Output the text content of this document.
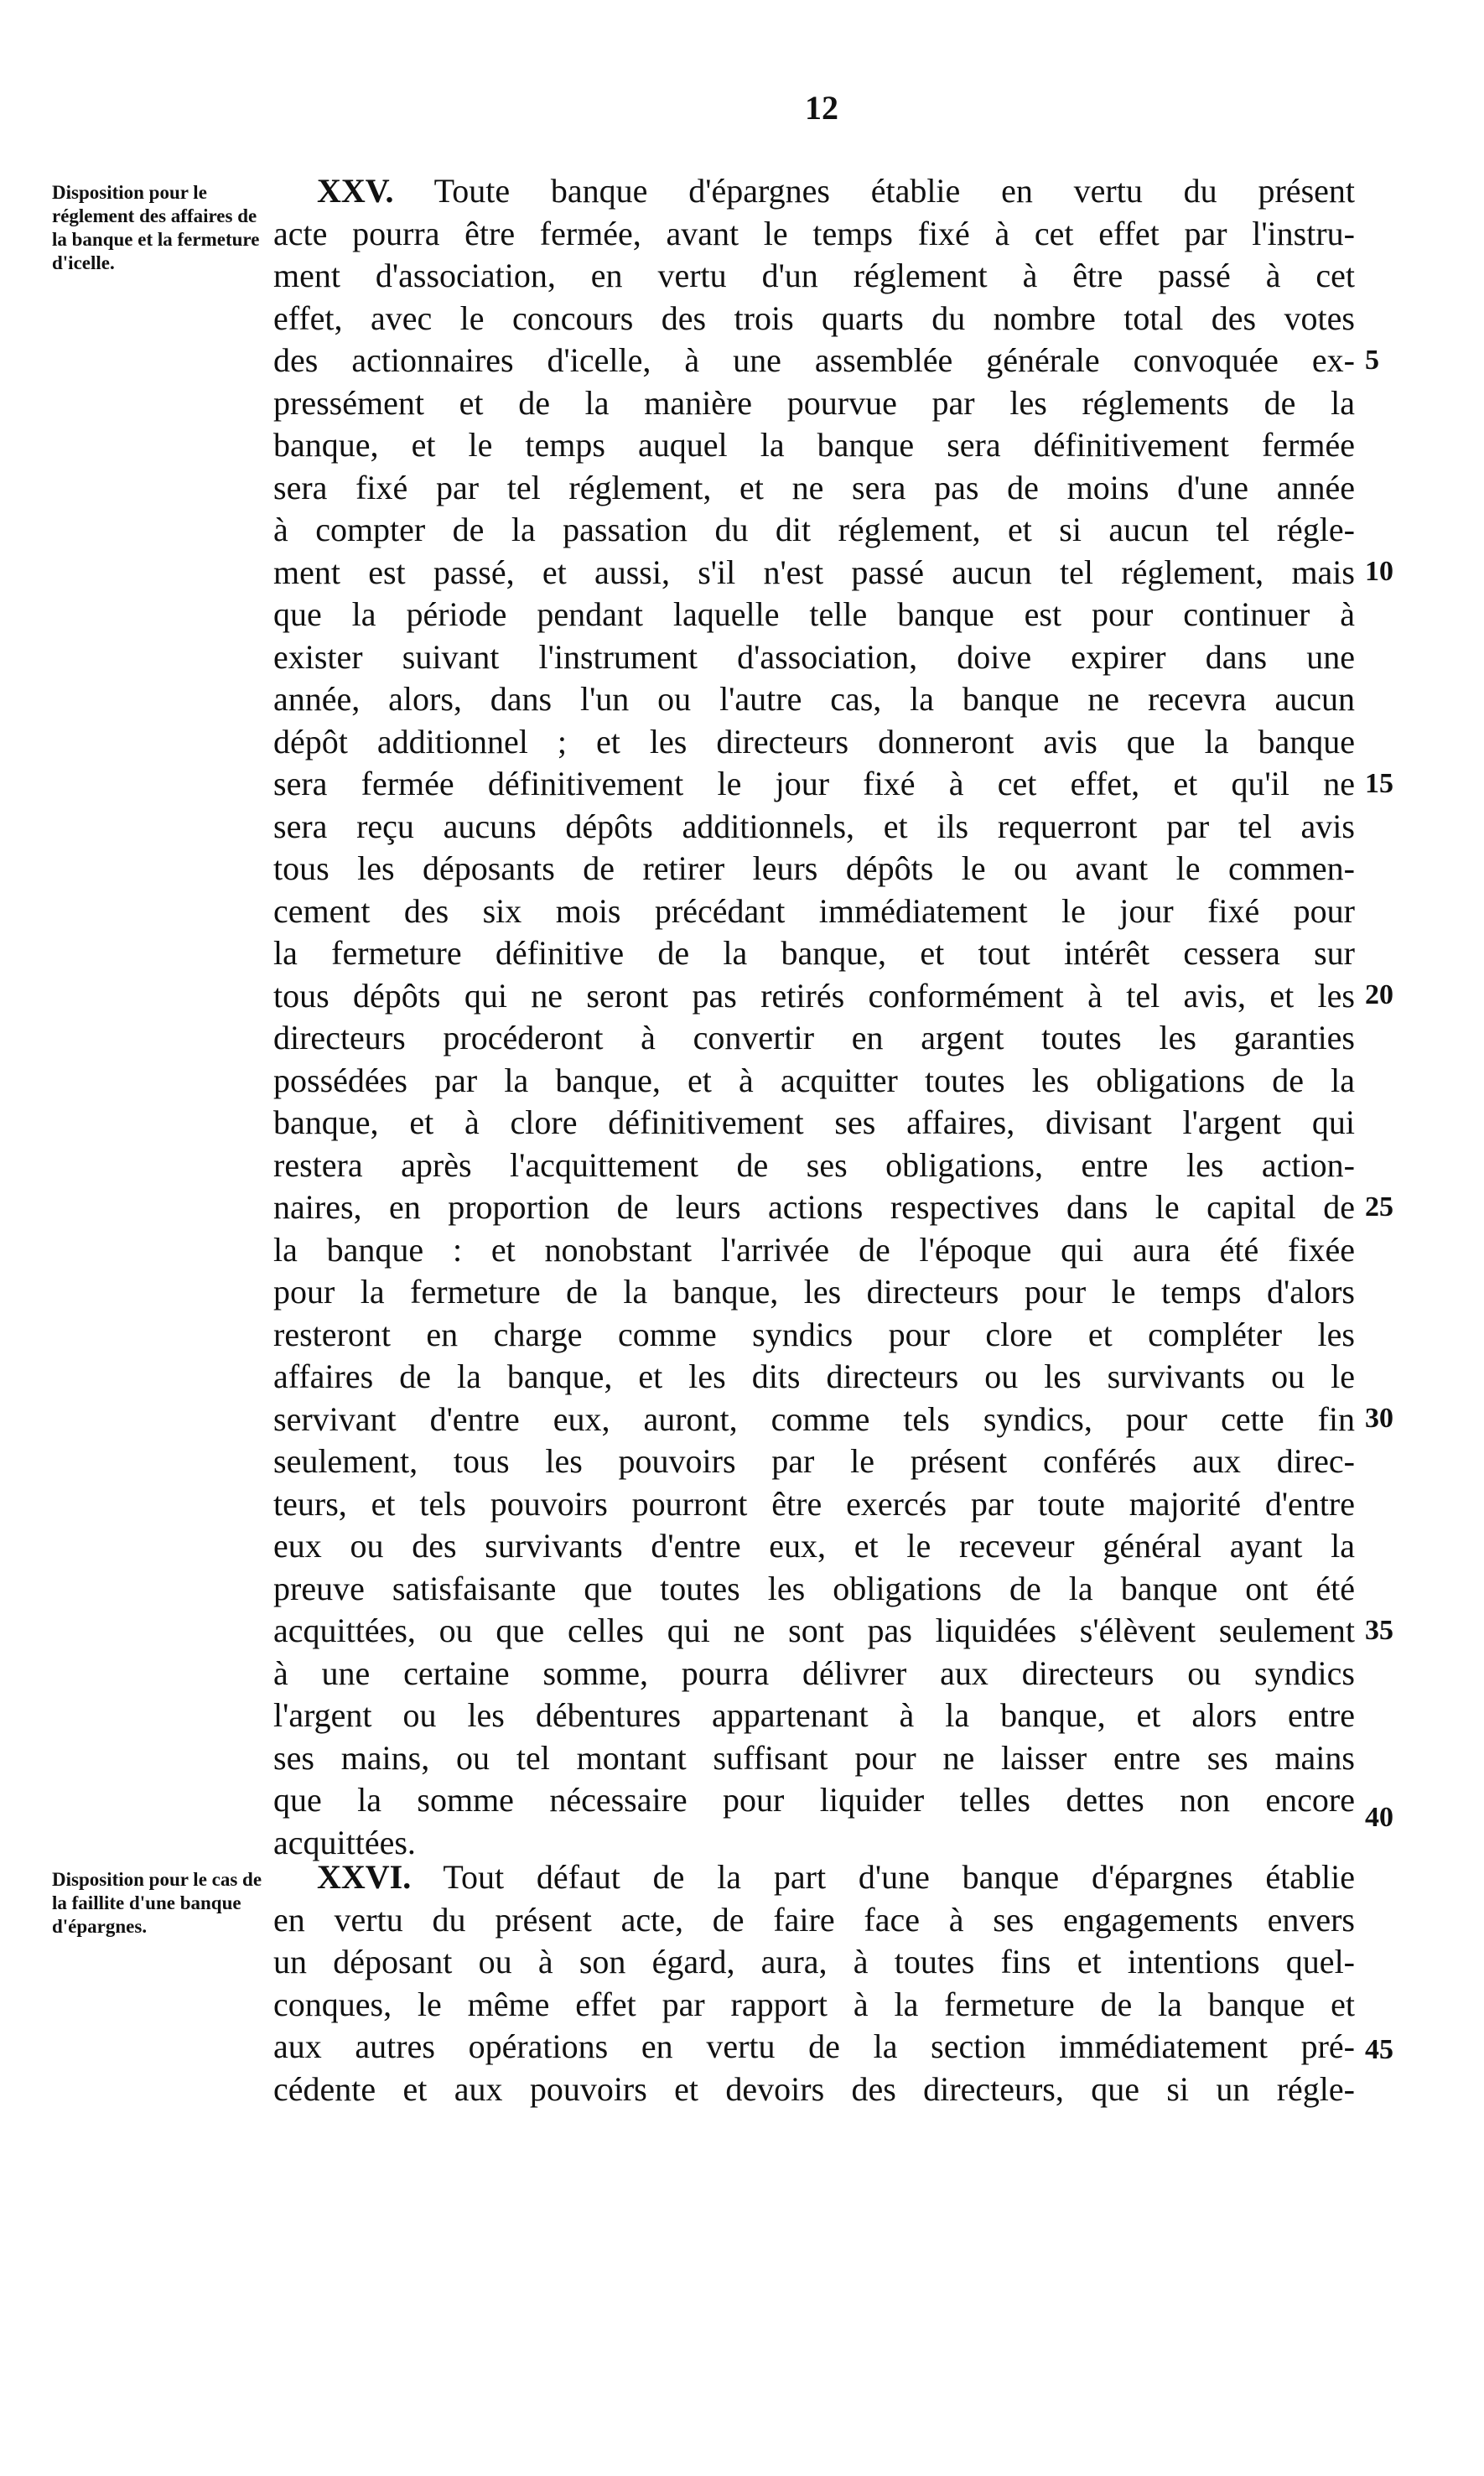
12
Disposition pour le réglement des affaires de la banque et la fermeture d'icelle.
XXV. Toute banque d'épargnes établie en vertu du présent
acte pourra être fermée, avant le temps fixé à cet effet par l'instru-
ment d'association, en vertu d'un réglement à être passé à cet
effet, avec le concours des trois quarts du nombre total des votes
des actionnaires d'icelle, à une assemblée générale convoquée ex-
pressément et de la manière pourvue par les réglements de la
banque, et le temps auquel la banque sera définitivement fermée
sera fixé par tel réglement, et ne sera pas de moins d'une année
à compter de la passation du dit réglement, et si aucun tel régle-
ment est passé, et aussi, s'il n'est passé aucun tel réglement, mais
que la période pendant laquelle telle banque est pour continuer à
exister suivant l'instrument d'association, doive expirer dans une
année, alors, dans l'un ou l'autre cas, la banque ne recevra aucun
dépôt additionnel ; et les directeurs donneront avis que la banque
sera fermée définitivement le jour fixé à cet effet, et qu'il ne
sera reçu aucuns dépôts additionnels, et ils requerront par tel avis
tous les déposants de retirer leurs dépôts le ou avant le commen-
cement des six mois précédant immédiatement le jour fixé pour
la fermeture définitive de la banque, et tout intérêt cessera sur
tous dépôts qui ne seront pas retirés conformément à tel avis, et les
directeurs procéderont à convertir en argent toutes les garanties
possédées par la banque, et à acquitter toutes les obligations de la
banque, et à clore définitivement ses affaires, divisant l'argent qui
restera après l'acquittement de ses obligations, entre les action-
naires, en proportion de leurs actions respectives dans le capital de
la banque : et nonobstant l'arrivée de l'époque qui aura été fixée
pour la fermeture de la banque, les directeurs pour le temps d'alors
resteront en charge comme syndics pour clore et compléter les
affaires de la banque, et les dits directeurs ou les survivants ou le
servivant d'entre eux, auront, comme tels syndics, pour cette fin
seulement, tous les pouvoirs par le présent conférés aux direc-
teurs, et tels pouvoirs pourront être exercés par toute majorité d'entre
eux ou des survivants d'entre eux, et le receveur général ayant la
preuve satisfaisante que toutes les obligations de la banque ont été
acquittées, ou que celles qui ne sont pas liquidées s'élèvent seulement
à une certaine somme, pourra délivrer aux directeurs ou syndics
l'argent ou les débentures appartenant à la banque, et alors entre
ses mains, ou tel montant suffisant pour ne laisser entre ses mains
que la somme nécessaire pour liquider telles dettes non encore
acquittées.
Disposition pour le cas de la faillite d'une banque d'épargnes.
XXVI. Tout défaut de la part d'une banque d'épargnes établie
en vertu du présent acte, de faire face à ses engagements envers
un déposant ou à son égard, aura, à toutes fins et intentions quel-
conques, le même effet par rapport à la fermeture de la banque et
aux autres opérations en vertu de la section immédiatement pré-
cédente et aux pouvoirs et devoirs des directeurs, que si un régle-
5
10
15
20
25
30
35
40
45
